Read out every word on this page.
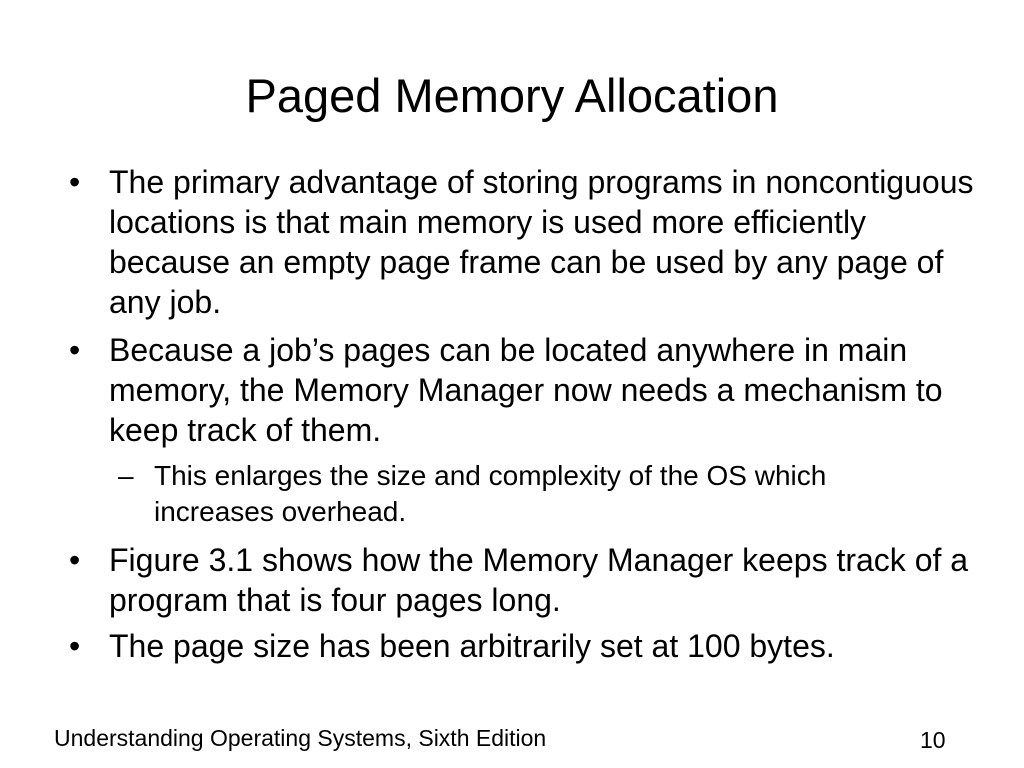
Paged Memory Allocation
• The primary advantage of storing programs in noncontiguous locations is that main memory is used more efficiently because an empty page frame can be used by any page of any job.
• Because a job’s pages can be located anywhere in main memory, the Memory Manager now needs a mechanism to keep track of them.
– This enlarges the size and complexity of the OS which increases overhead.
• Figure 3.1 shows how the Memory Manager keeps track of a program that is four pages long.
• The page size has been arbitrarily set at 100 bytes.
Understanding Operating Systems, Sixth Edition	10
